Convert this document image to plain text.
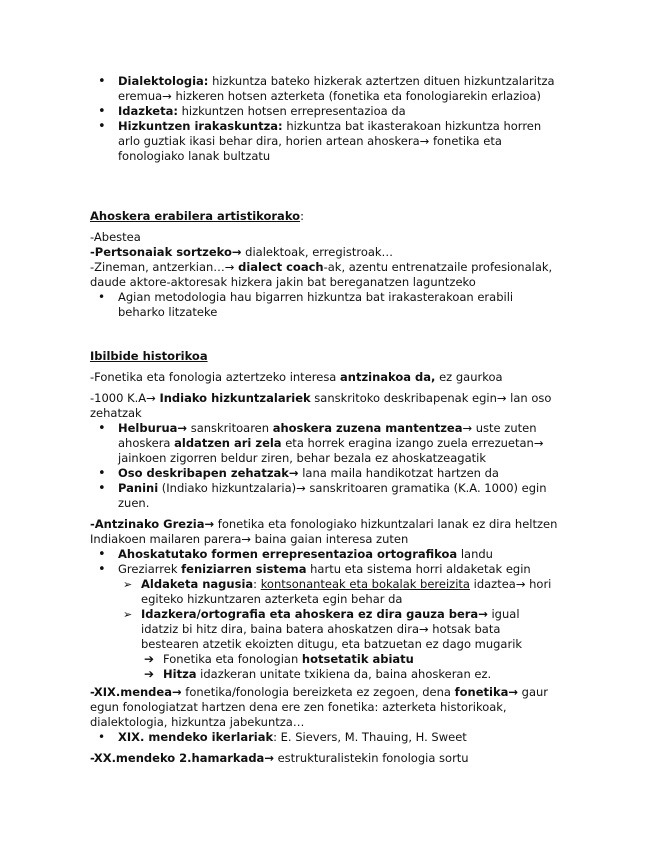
• Dialektologia: hizkuntza bateko hizkerak aztertzen dituen hizkuntzalaritza eremua→ hizkeren hotsen azterketa (fonetika eta fonologiarekin erlazioa)
• Idazketa: hizkuntzen hotsen errepresentazioa da
• Hizkuntzen irakaskuntza: hizkuntza bat ikasterakoan hizkuntza horren arlo guztiak ikasi behar dira, horien artean ahoskera→ fonetika eta fonologiako lanak bultzatu

Ahoskera erabilera artistikorako:

-Abestea

-Pertsonaiak sortzeko→ dialektoak, erregistroak…

-Zineman, antzerkian…→ dialect coach-ak, azentu entrenatzaile profesionalak, daude aktore-aktoresak hizkera jakin bat bereganatzen laguntzeko

• Agian metodologia hau bigarren hizkuntza bat irakasterakoan erabili beharko litzateke

Ibilbide historikoa

-Fonetika eta fonologia aztertzeko interesa antzinakoa da, ez gaurkoa

-1000 K.A→ Indiako hizkuntzalariek sanskritoko deskribapenak egin→ lan oso zehatzak

• Helburua→ sanskritoaren ahoskera zuzena mantentzea→ uste zuten ahoskera aldatzen ari zela eta horrek eragina izango zuela errezuetan→ jainkoen zigorren beldur ziren, behar bezala ez ahoskatzeagatik
• Oso deskribapen zehatzak→ lana maila handikotzat hartzen da
• Panini (Indiako hizkuntzalaria)→ sanskritoaren gramatika (K.A. 1000) egin zuen.

-Antzinako Grezia→ fonetika eta fonologiako hizkuntzalari lanak ez dira heltzen Indiakoen mailaren parera→ baina gaian interesa zuten

• Ahoskatutako formen errepresentazioa ortografikoa landu
• Greziarrek feniziarren sistema hartu eta sistema horri aldaketak egin
➢ Aldaketa nagusia: kontsonanteak eta bokalak bereizita idaztea→ hori egiteko hizkuntzaren azterketa egin behar da
➢ Idazkera/ortografia eta ahoskera ez dira gauza bera→ igual idatziz bi hitz dira, baina batera ahoskatzen dira→ hotsak bata bestearen atzetik ekoizten ditugu, eta batzuetan ez dago mugarik
➔ Fonetika eta fonologian hotsetatik abiatu
➔ Hitza idazkeran unitate txikiena da, baina ahoskeran ez.

-XIX.mendea→ fonetika/fonologia bereizketa ez zegoen, dena fonetika→ gaur egun fonologiatzat hartzen dena ere zen fonetika: azterketa historikoak, dialektologia, hizkuntza jabekuntza…

• XIX. mendeko ikerlariak: E. Sievers, M. Thauing, H. Sweet

-XX.mendeko 2.hamarkada→ estrukturalistekin fonologia sortu
